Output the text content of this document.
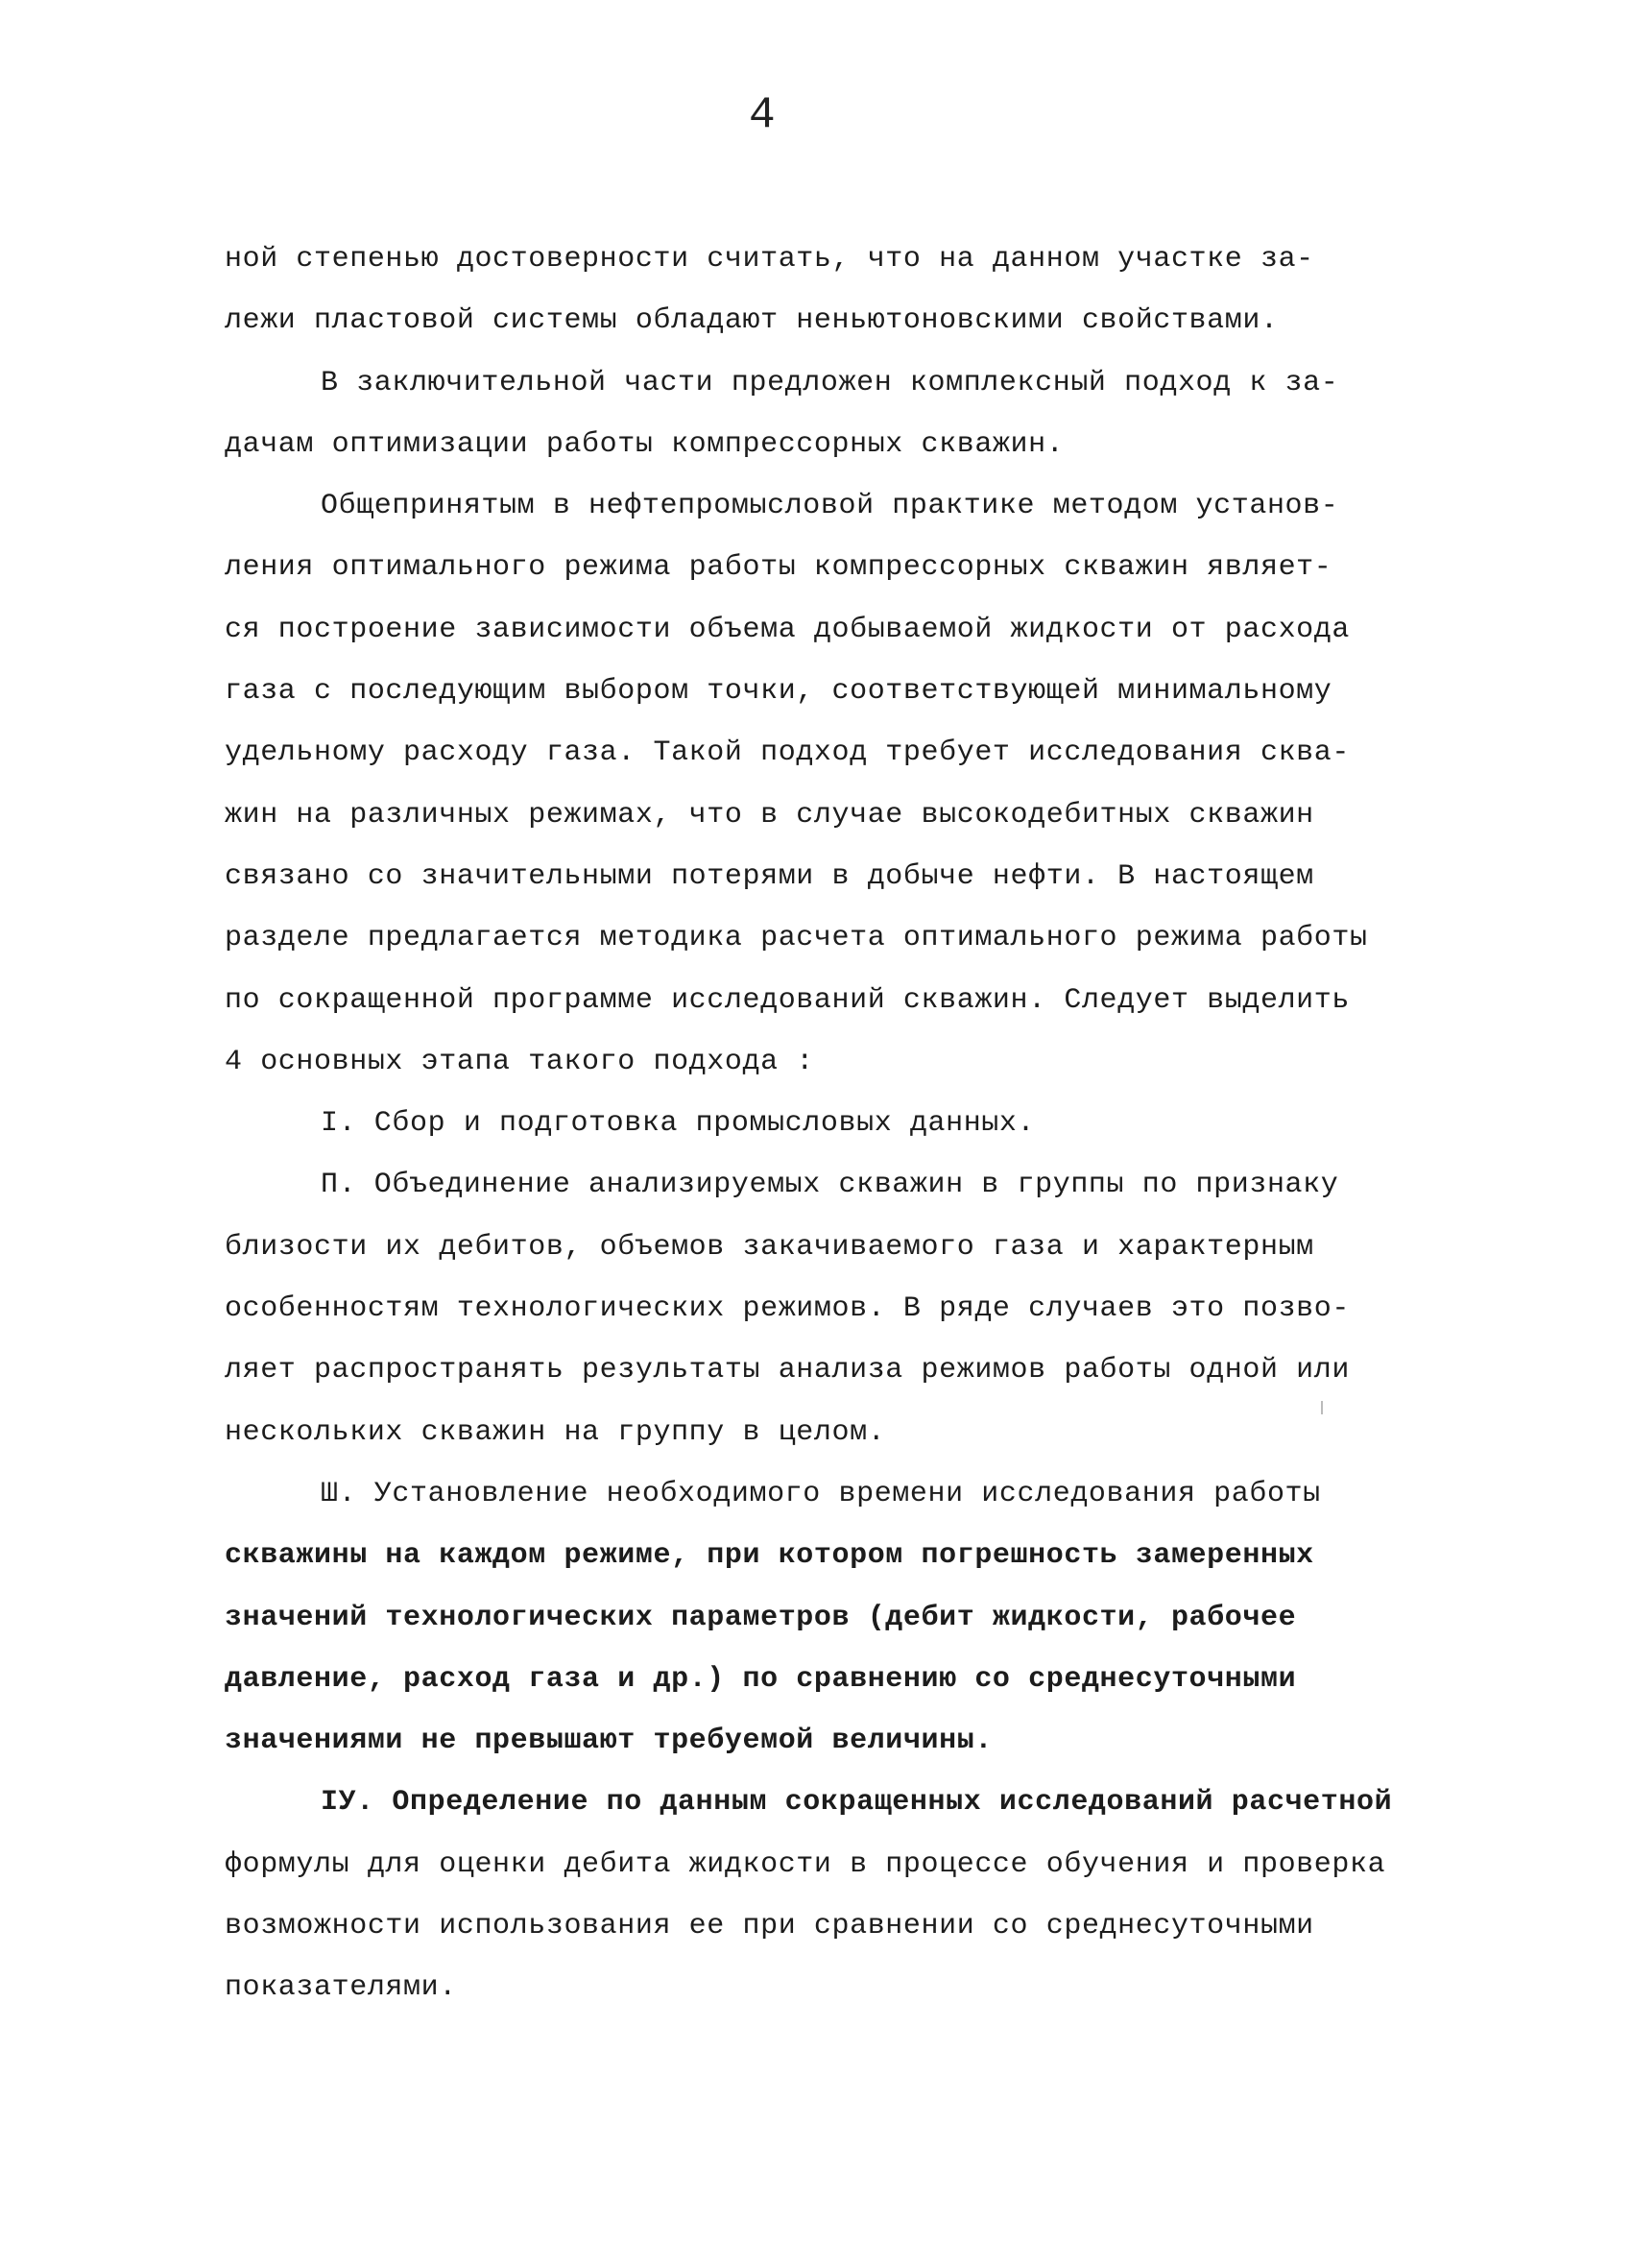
4
ной степенью достоверности считать, что на данном участке за-
лежи пластовой системы обладают неньютоновскими свойствами.
В заключительной части предложен комплексный подход к за-
дачам оптимизации работы компрессорных скважин.
Общепринятым в нефтепромысловой практике методом установ-
ления оптимального режима работы компрессорных скважин являет-
ся построение зависимости объема добываемой жидкости от расхода
газа с последующим выбором точки, соответствующей минимальному
удельному расходу газа. Такой подход требует исследования сква-
жин на различных режимах, что в случае высокодебитных скважин
связано со значительными потерями в добыче нефти. В настоящем
разделе предлагается методика расчета оптимального режима работы
по сокращенной программе исследований скважин. Следует выделить
4 основных этапа такого подхода :
I. Сбор и подготовка промысловых данных.
П. Объединение анализируемых скважин в группы по признаку
близости их дебитов, объемов закачиваемого газа и характерным
особенностям технологических режимов. В ряде случаев это позво-
ляет распространять результаты анализа режимов работы одной или
нескольких скважин на группу в целом.
Ш. Установление необходимого времени исследования работы
скважины на каждом режиме, при котором погрешность замеренных
значений технологических параметров (дебит жидкости, рабочее
давление, расход газа и др.) по сравнению со среднесуточными
значениями не превышают требуемой величины.
IУ. Определение по данным сокращенных исследований расчетной
формулы для оценки дебита жидкости в процессе обучения и проверка
возможности использования ее при сравнении со среднесуточными
показателями.
